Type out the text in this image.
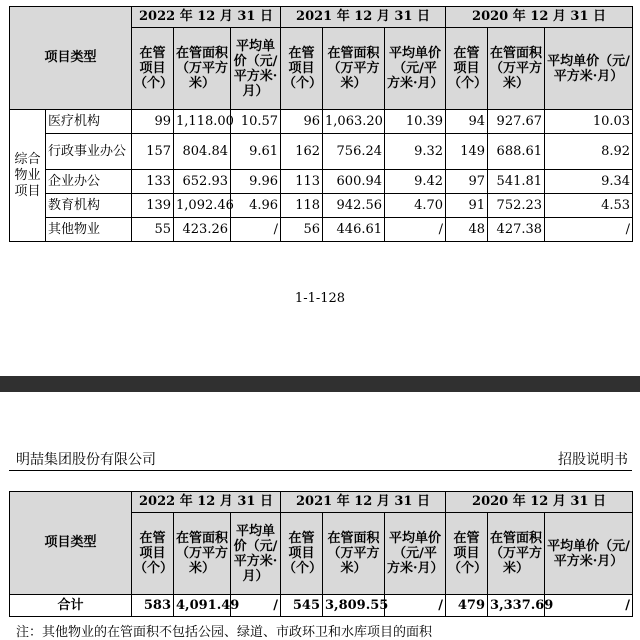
项目类型		2022 年 12 月 31 日			2021 年 12 月 31 日			2020 年 12 月 31 日		
		在管项目（个）	在管面积（万平方米）	平均单价（元/平方米·月）	在管项目（个）	在管面积（万平方米）	平均单价（元/平方米·月）	在管项目（个）	在管面积（万平方米）	平均单价（元/平方米·月）
综合物业项目	医疗机构	99	1,118.00	10.57	96	1,063.20	10.39	94	927.67	10.03
	行政事业办公	157	804.84	9.61	162	756.24	9.32	149	688.61	8.92
	企业办公	133	652.93	9.96	113	600.94	9.42	97	541.81	9.34
	教育机构	139	1,092.46	4.96	118	942.56	4.70	91	752.23	4.53
	其他物业	55	423.26	/	56	446.61	/	48	427.38	/
1-1-128
明喆集团股份有限公司	招股说明书
项目类型	2022 年 12 月 31 日			2021 年 12 月 31 日			2020 年 12 月 31 日		
	在管项目（个）	在管面积（万平方米）	平均单价（元/平方米·月）	在管项目（个）	在管面积（万平方米）	平均单价（元/平方米·月）	在管项目（个）	在管面积（万平方米）	平均单价（元/平方米·月）
合计	583	4,091.49	/	545	3,809.55	/	479	3,337.69	/
注：其他物业的在管面积不包括公园、绿道、市政环卫和水库项目的面积
